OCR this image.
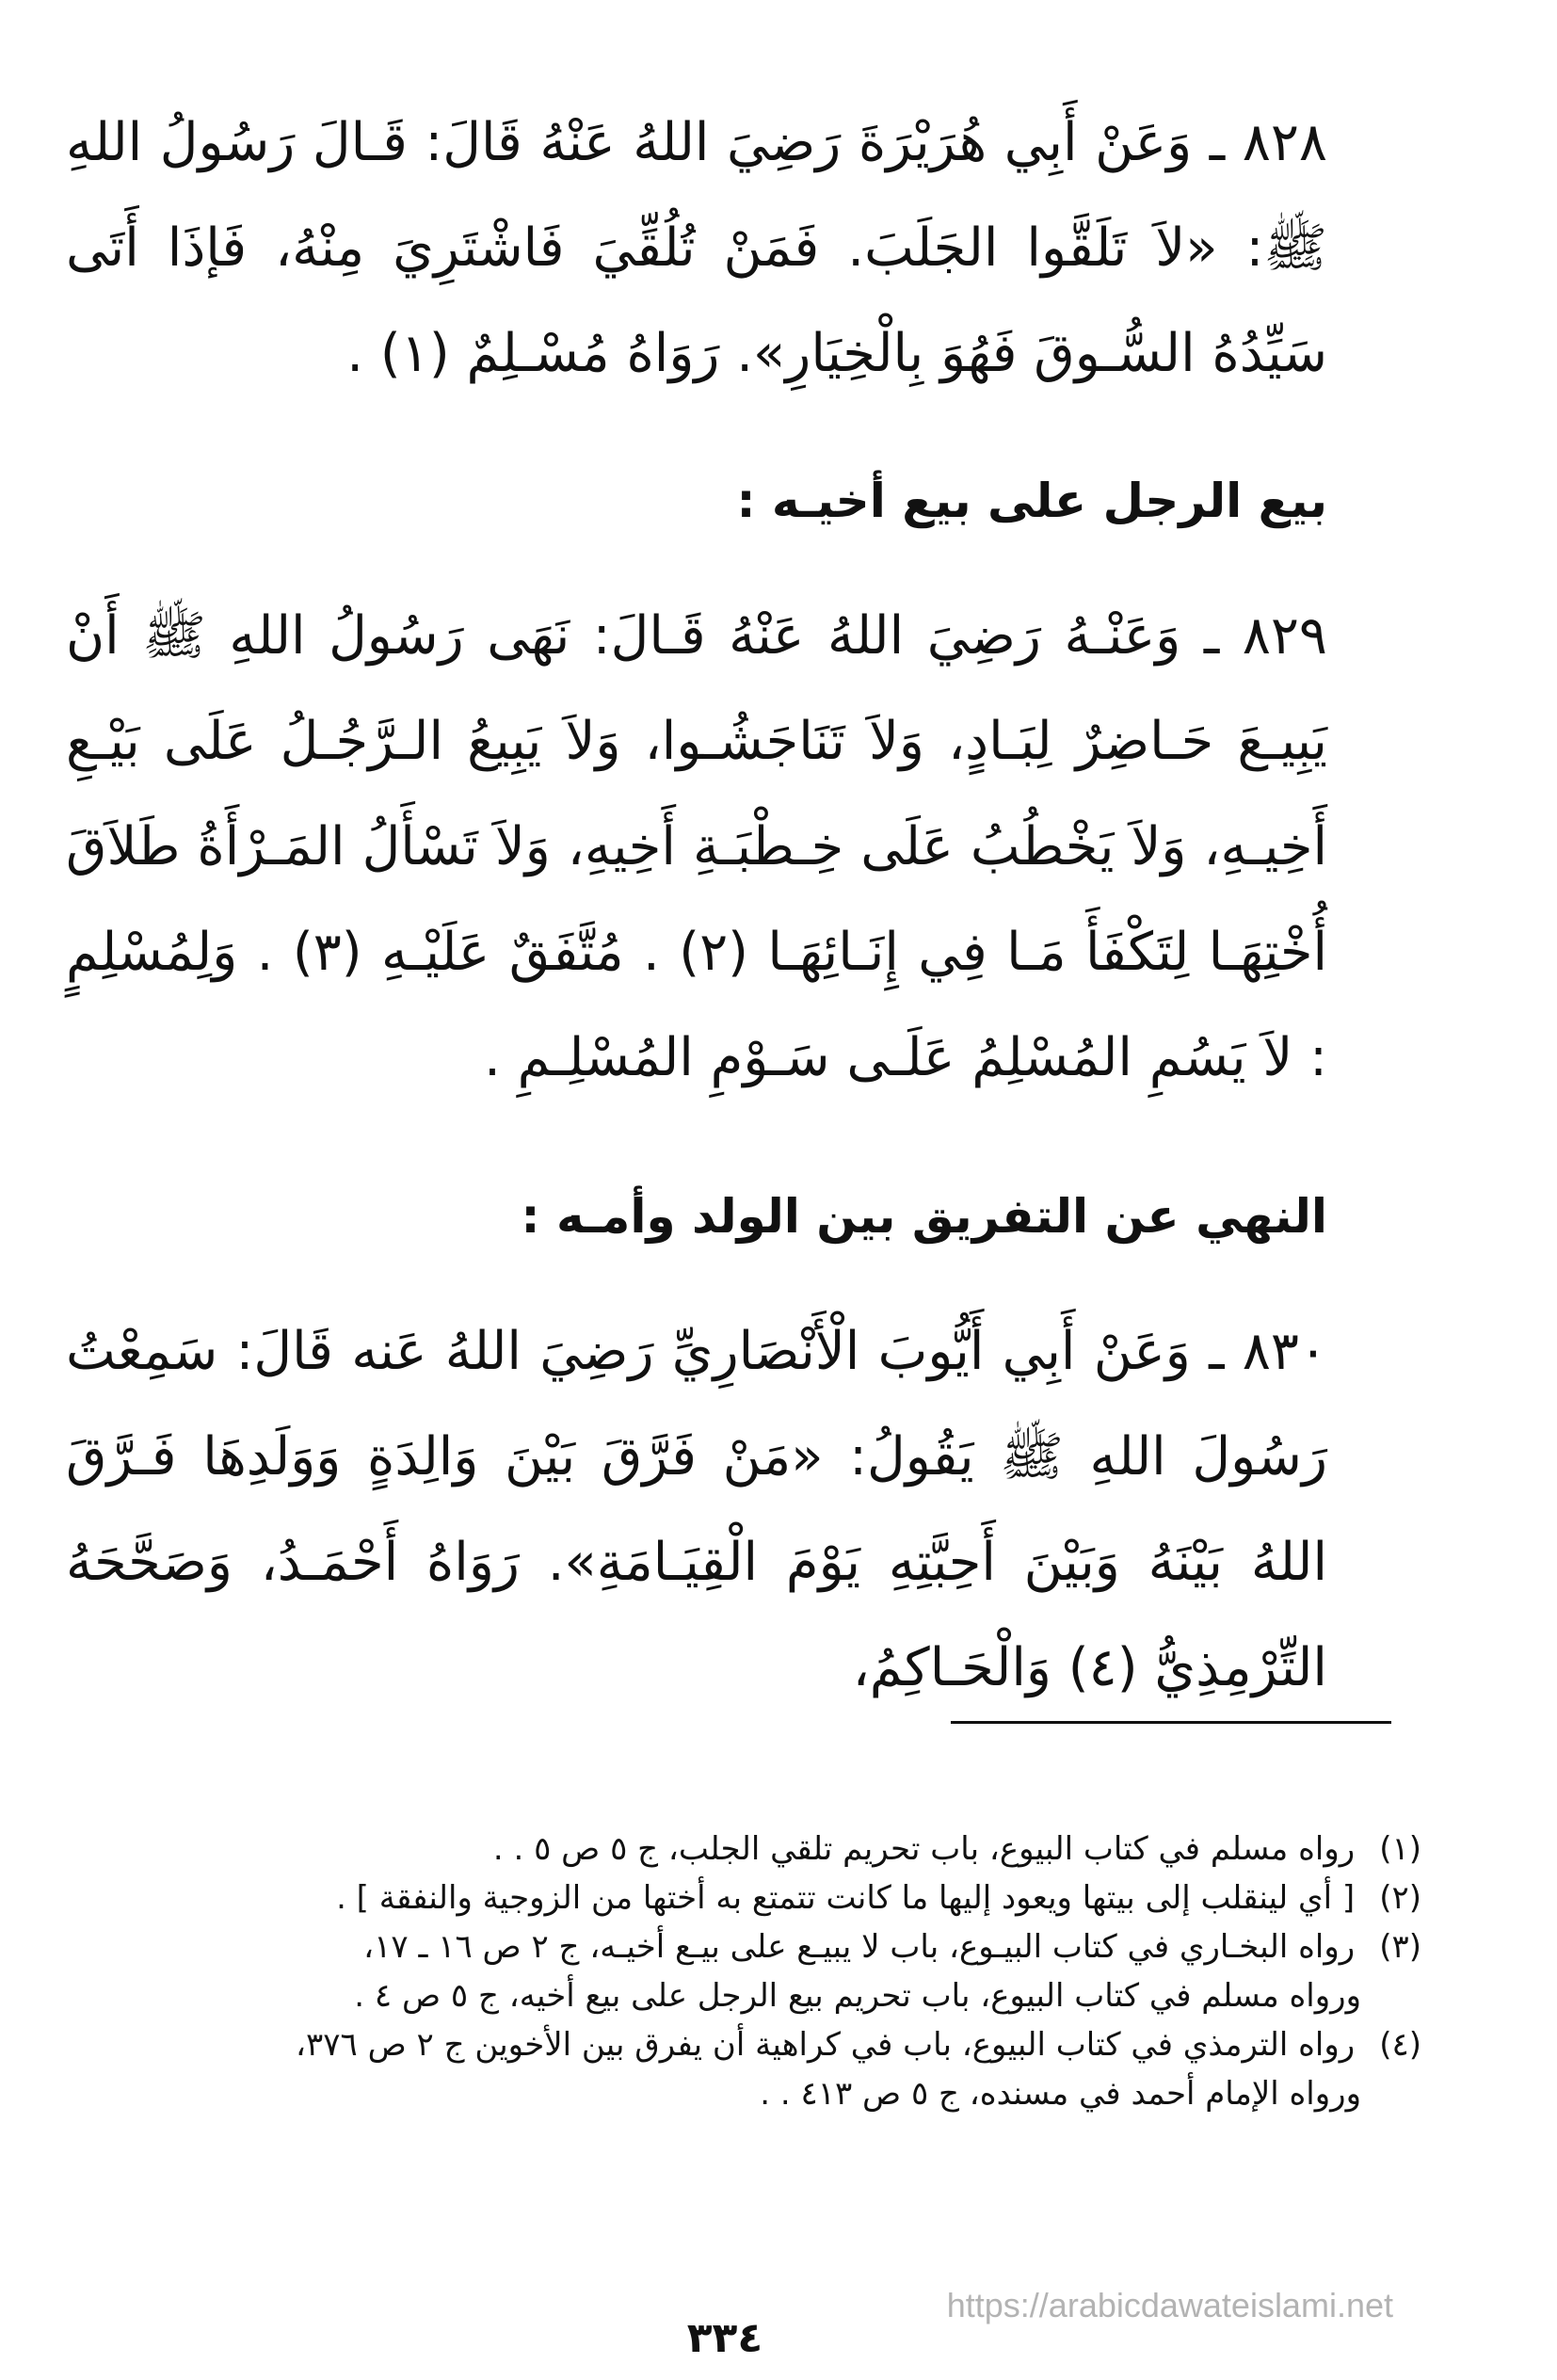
٨٢٨ ـ وَعَنْ أَبِي هُرَيْرَةَ رَضِيَ اللهُ عَنْهُ قَالَ: قَـالَ رَسُولُ اللهِ ﷺ: «لاَ تَلَقَّوا الجَلَبَ. فَمَنْ تُلُقِّيَ فَاشْتَرِيَ مِنْهُ، فَإذَا أَتَى سَيِّدُهُ السُّـوقَ فَهُوَ بِالْخِيَارِ». رَوَاهُ مُسْـلِمٌ (١) .

بيع الرجل على بيع أخيـه :

٨٢٩ ـ وَعَنْـهُ رَضِيَ اللهُ عَنْهُ قَـالَ: نَهَى رَسُولُ اللهِ ﷺ أَنْ يَبِيـعَ حَـاضِرٌ لِبَـادٍ، وَلاَ تَنَاجَشُـوا، وَلاَ يَبِيعُ الـرَّجُـلُ عَلَى بَيْـعِ أَخِيـهِ، وَلاَ يَخْطُبُ عَلَى خِـطْبَـةِ أَخِيهِ، وَلاَ تَسْأَلُ المَـرْأَةُ طَلاَقَ أُخْتِهَـا لِتَكْفَأَ مَـا فِي إِنَـائِهَـا (٢) . مُتَّفَقٌ عَلَيْـهِ (٣) . وَلِمُسْلِمٍ : لاَ يَسُمِ المُسْلِمُ عَلَـى سَـوْمِ المُسْلِـمِ .

النهي عن التفريق بين الولد وأمـه :

٨٣٠ ـ وَعَنْ أَبِي أَيُّوبَ الْأَنْصَارِيِّ رَضِيَ اللهُ عَنه قَالَ: سَمِعْتُ رَسُولَ اللهِ ﷺ يَقُولُ: «مَنْ فَرَّقَ بَيْنَ وَالِدَةٍ وَوَلَدِهَا فَـرَّقَ اللهُ بَيْنَهُ وَبَيْنَ أَحِبَّتِهِ يَوْمَ الْقِيَـامَةِ». رَوَاهُ أَحْمَـدُ، وَصَحَّحَهُ التِّرْمِذِيُّ (٤) وَالْحَـاكِمُ،

(١) رواه مسلم في كتاب البيوع، باب تحريم تلقي الجلب، ج ٥ ص ٥ . .
(٢) [ أي لينقلب إلى بيتها ويعود إليها ما كانت تتمتع به أختها من الزوجية والنفقة ] .
(٣) رواه البخـاري في كتاب البيـوع، باب لا يبيـع على بيـع أخيـه، ج ٢ ص ١٦ ـ ١٧،
ورواه مسلم في كتاب البيوع، باب تحريم بيع الرجل على بيع أخيه، ج ٥ ص ٤ .
(٤) رواه الترمذي في كتاب البيوع، باب في كراهية أن يفرق بين الأخوين ج ٢ ص ٣٧٦،
ورواه الإمام أحمد في مسنده، ج ٥ ص ٤١٣ . .
https://arabicdawateislami.net
٣٣٤
